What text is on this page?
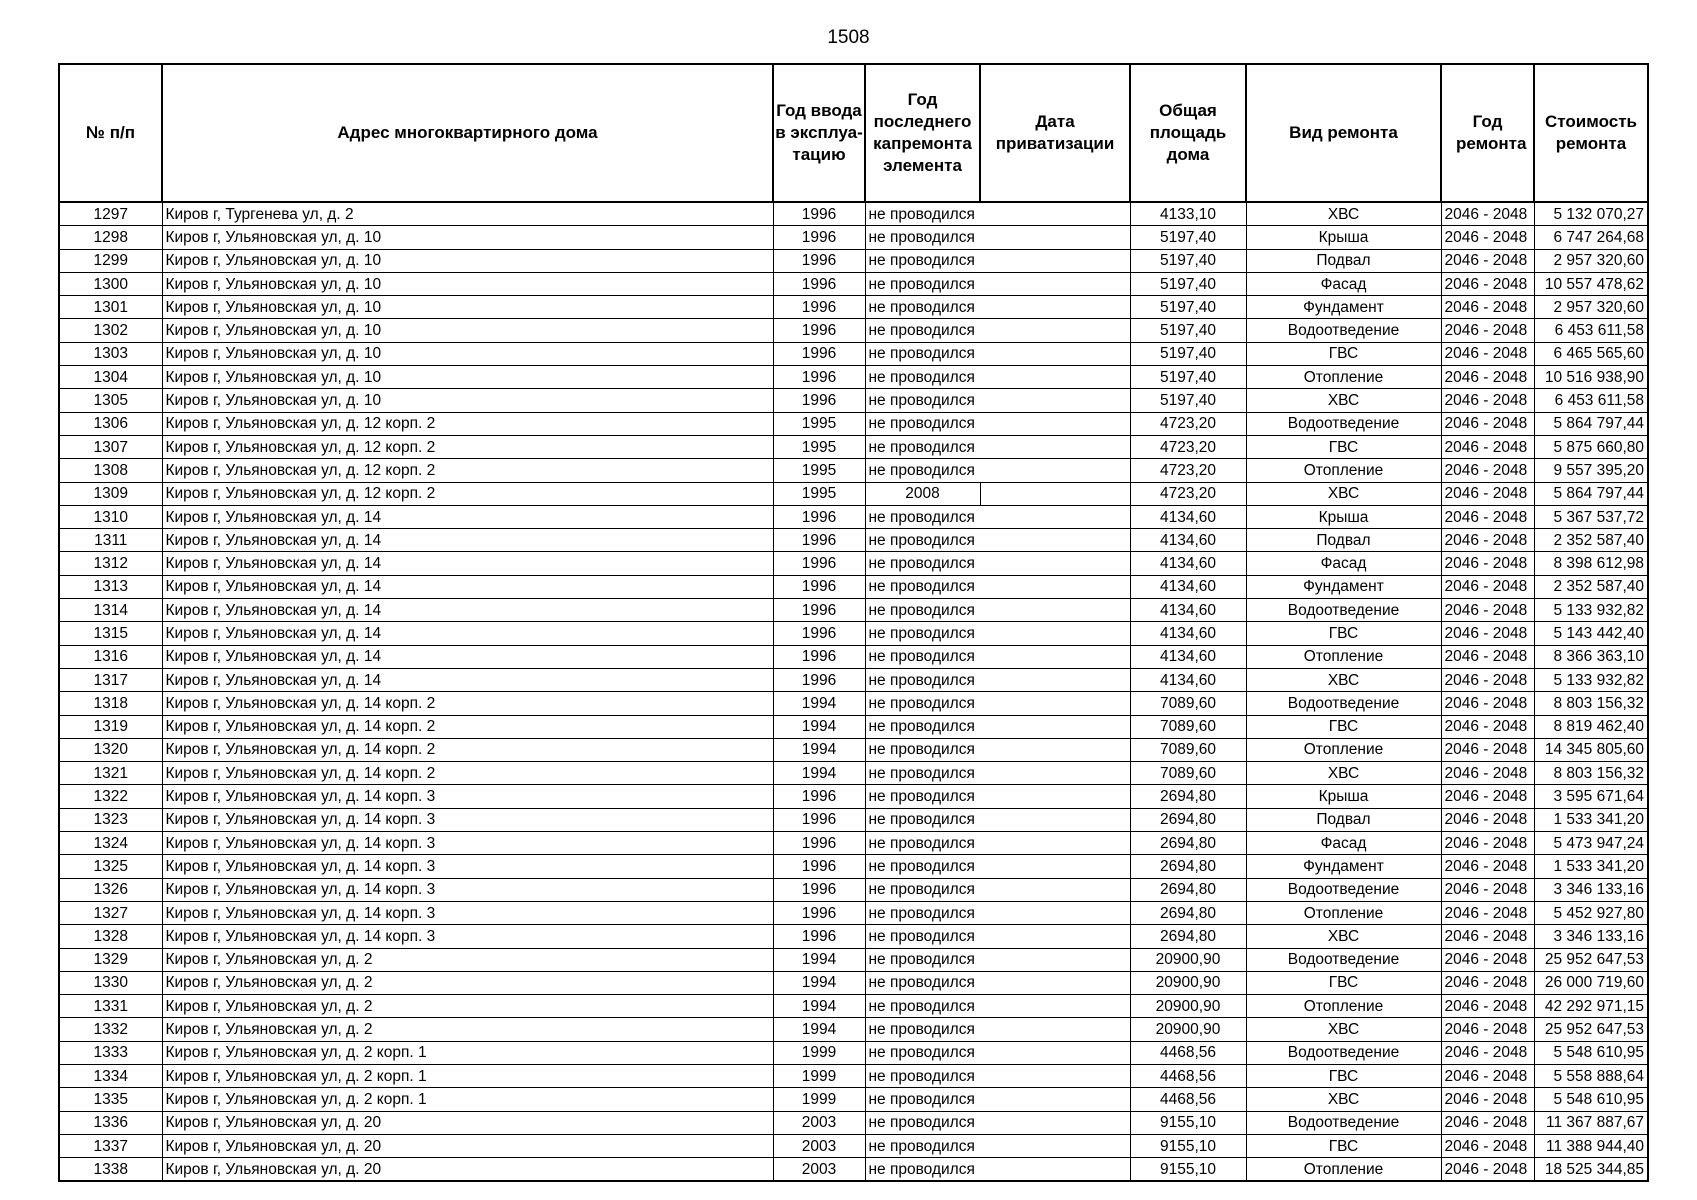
1508
№ п/п	Адрес многоквартирного дома	Год ввода в эксплуа-тацию	Год последнего капремонта элемента	Дата приватизации	Общая площадь дома	Вид ремонта	Год ремонта	Стоимость ремонта
1297	Киров г, Тургенева ул, д. 2	1996	не проводился		4133,10	ХВС	2046 - 2048	5 132 070,27
1298	Киров г, Ульяновская ул, д. 10	1996	не проводился		5197,40	Крыша	2046 - 2048	6 747 264,68
1299	Киров г, Ульяновская ул, д. 10	1996	не проводился		5197,40	Подвал	2046 - 2048	2 957 320,60
1300	Киров г, Ульяновская ул, д. 10	1996	не проводился		5197,40	Фасад	2046 - 2048	10 557 478,62
1301	Киров г, Ульяновская ул, д. 10	1996	не проводился		5197,40	Фундамент	2046 - 2048	2 957 320,60
1302	Киров г, Ульяновская ул, д. 10	1996	не проводился		5197,40	Водоотведение	2046 - 2048	6 453 611,58
1303	Киров г, Ульяновская ул, д. 10	1996	не проводился		5197,40	ГВС	2046 - 2048	6 465 565,60
1304	Киров г, Ульяновская ул, д. 10	1996	не проводился		5197,40	Отопление	2046 - 2048	10 516 938,90
1305	Киров г, Ульяновская ул, д. 10	1996	не проводился		5197,40	ХВС	2046 - 2048	6 453 611,58
1306	Киров г, Ульяновская ул, д. 12 корп. 2	1995	не проводился		4723,20	Водоотведение	2046 - 2048	5 864 797,44
1307	Киров г, Ульяновская ул, д. 12 корп. 2	1995	не проводился		4723,20	ГВС	2046 - 2048	5 875 660,80
1308	Киров г, Ульяновская ул, д. 12 корп. 2	1995	не проводился		4723,20	Отопление	2046 - 2048	9 557 395,20
1309	Киров г, Ульяновская ул, д. 12 корп. 2	1995	2008		4723,20	ХВС	2046 - 2048	5 864 797,44
1310	Киров г, Ульяновская ул, д. 14	1996	не проводился		4134,60	Крыша	2046 - 2048	5 367 537,72
1311	Киров г, Ульяновская ул, д. 14	1996	не проводился		4134,60	Подвал	2046 - 2048	2 352 587,40
1312	Киров г, Ульяновская ул, д. 14	1996	не проводился		4134,60	Фасад	2046 - 2048	8 398 612,98
1313	Киров г, Ульяновская ул, д. 14	1996	не проводился		4134,60	Фундамент	2046 - 2048	2 352 587,40
1314	Киров г, Ульяновская ул, д. 14	1996	не проводился		4134,60	Водоотведение	2046 - 2048	5 133 932,82
1315	Киров г, Ульяновская ул, д. 14	1996	не проводился		4134,60	ГВС	2046 - 2048	5 143 442,40
1316	Киров г, Ульяновская ул, д. 14	1996	не проводился		4134,60	Отопление	2046 - 2048	8 366 363,10
1317	Киров г, Ульяновская ул, д. 14	1996	не проводился		4134,60	ХВС	2046 - 2048	5 133 932,82
1318	Киров г, Ульяновская ул, д. 14 корп. 2	1994	не проводился		7089,60	Водоотведение	2046 - 2048	8 803 156,32
1319	Киров г, Ульяновская ул, д. 14 корп. 2	1994	не проводился		7089,60	ГВС	2046 - 2048	8 819 462,40
1320	Киров г, Ульяновская ул, д. 14 корп. 2	1994	не проводился		7089,60	Отопление	2046 - 2048	14 345 805,60
1321	Киров г, Ульяновская ул, д. 14 корп. 2	1994	не проводился		7089,60	ХВС	2046 - 2048	8 803 156,32
1322	Киров г, Ульяновская ул, д. 14 корп. 3	1996	не проводился		2694,80	Крыша	2046 - 2048	3 595 671,64
1323	Киров г, Ульяновская ул, д. 14 корп. 3	1996	не проводился		2694,80	Подвал	2046 - 2048	1 533 341,20
1324	Киров г, Ульяновская ул, д. 14 корп. 3	1996	не проводился		2694,80	Фасад	2046 - 2048	5 473 947,24
1325	Киров г, Ульяновская ул, д. 14 корп. 3	1996	не проводился		2694,80	Фундамент	2046 - 2048	1 533 341,20
1326	Киров г, Ульяновская ул, д. 14 корп. 3	1996	не проводился		2694,80	Водоотведение	2046 - 2048	3 346 133,16
1327	Киров г, Ульяновская ул, д. 14 корп. 3	1996	не проводился		2694,80	Отопление	2046 - 2048	5 452 927,80
1328	Киров г, Ульяновская ул, д. 14 корп. 3	1996	не проводился		2694,80	ХВС	2046 - 2048	3 346 133,16
1329	Киров г, Ульяновская ул, д. 2	1994	не проводился		20900,90	Водоотведение	2046 - 2048	25 952 647,53
1330	Киров г, Ульяновская ул, д. 2	1994	не проводился		20900,90	ГВС	2046 - 2048	26 000 719,60
1331	Киров г, Ульяновская ул, д. 2	1994	не проводился		20900,90	Отопление	2046 - 2048	42 292 971,15
1332	Киров г, Ульяновская ул, д. 2	1994	не проводился		20900,90	ХВС	2046 - 2048	25 952 647,53
1333	Киров г, Ульяновская ул, д. 2 корп. 1	1999	не проводился		4468,56	Водоотведение	2046 - 2048	5 548 610,95
1334	Киров г, Ульяновская ул, д. 2 корп. 1	1999	не проводился		4468,56	ГВС	2046 - 2048	5 558 888,64
1335	Киров г, Ульяновская ул, д. 2 корп. 1	1999	не проводился		4468,56	ХВС	2046 - 2048	5 548 610,95
1336	Киров г, Ульяновская ул, д. 20	2003	не проводился		9155,10	Водоотведение	2046 - 2048	11 367 887,67
1337	Киров г, Ульяновская ул, д. 20	2003	не проводился		9155,10	ГВС	2046 - 2048	11 388 944,40
1338	Киров г, Ульяновская ул, д. 20	2003	не проводился		9155,10	Отопление	2046 - 2048	18 525 344,85
